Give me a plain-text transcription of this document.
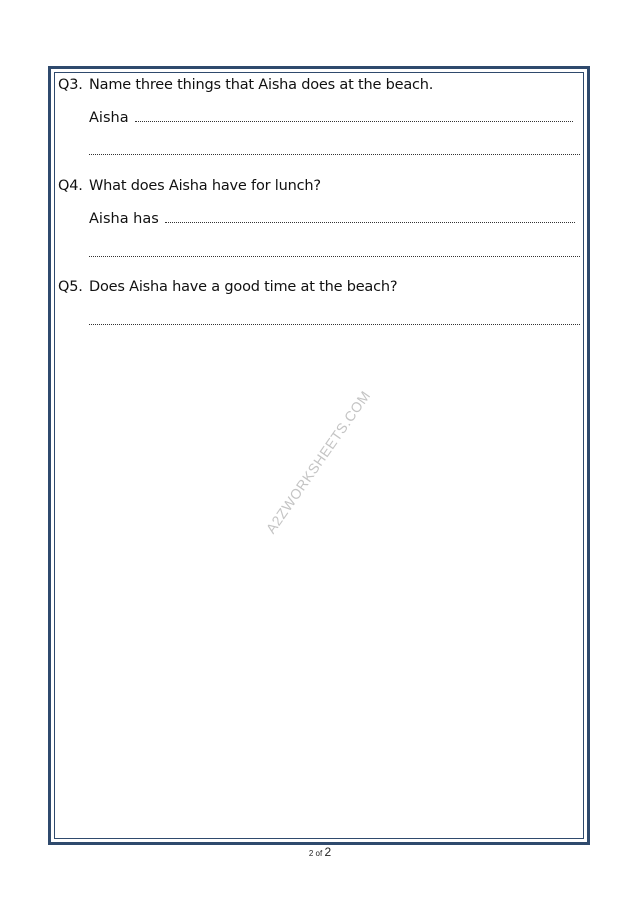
Q3. Name three things that Aisha does at the beach.
Aisha
Q4. What does Aisha have for lunch?
Aisha has
Q5. Does Aisha have a good time at the beach?
A2ZWORKSHEETS.COM
2 of 2
